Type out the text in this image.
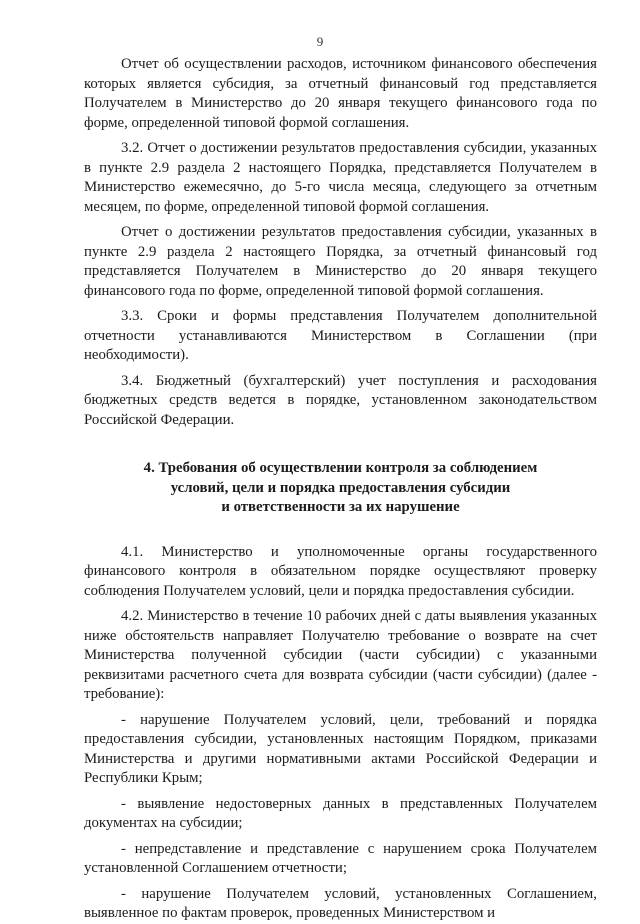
9

Отчет об осуществлении расходов, источником финансового обеспечения которых является субсидия, за отчетный финансовый год представляется Получателем в Министерство до 20 января текущего финансового года по форме, определенной типовой формой соглашения.

3.2. Отчет о достижении результатов предоставления субсидии, указанных в пункте 2.9 раздела 2 настоящего Порядка, представляется Получателем в Министерство ежемесячно, до 5-го числа месяца, следующего за отчетным месяцем, по форме, определенной типовой формой соглашения.

Отчет о достижении результатов предоставления субсидии, указанных в пункте 2.9 раздела 2 настоящего Порядка, за отчетный финансовый год представляется Получателем в Министерство до 20 января текущего финансового года по форме, определенной типовой формой соглашения.

3.3. Сроки и формы представления Получателем дополнительной отчетности устанавливаются Министерством в Соглашении (при необходимости).

3.4. Бюджетный (бухгалтерский) учет поступления и расходования бюджетных средств ведется в порядке, установленном законодательством Российской Федерации.

4. Требования об осуществлении контроля за соблюдением
условий, цели и порядка предоставления субсидии
и ответственности за их нарушение

4.1. Министерство и уполномоченные органы государственного финансового контроля в обязательном порядке осуществляют проверку соблюдения Получателем условий, цели и порядка предоставления субсидии.

4.2. Министерство в течение 10 рабочих дней с даты выявления указанных ниже обстоятельств направляет Получателю требование о возврате на счет Министерства полученной субсидии (части субсидии) с указанными реквизитами расчетного счета для возврата субсидии (части субсидии) (далее - требование):

- нарушение Получателем условий, цели, требований и порядка предоставления субсидии, установленных настоящим Порядком, приказами Министерства и другими нормативными актами Российской Федерации и Республики Крым;

- выявление недостоверных данных в представленных Получателем документах на субсидии;

- непредставление и представление с нарушением срока Получателем установленной Соглашением отчетности;

- нарушение Получателем условий, установленных Соглашением, выявленное по фактам проверок, проведенных Министерством и
